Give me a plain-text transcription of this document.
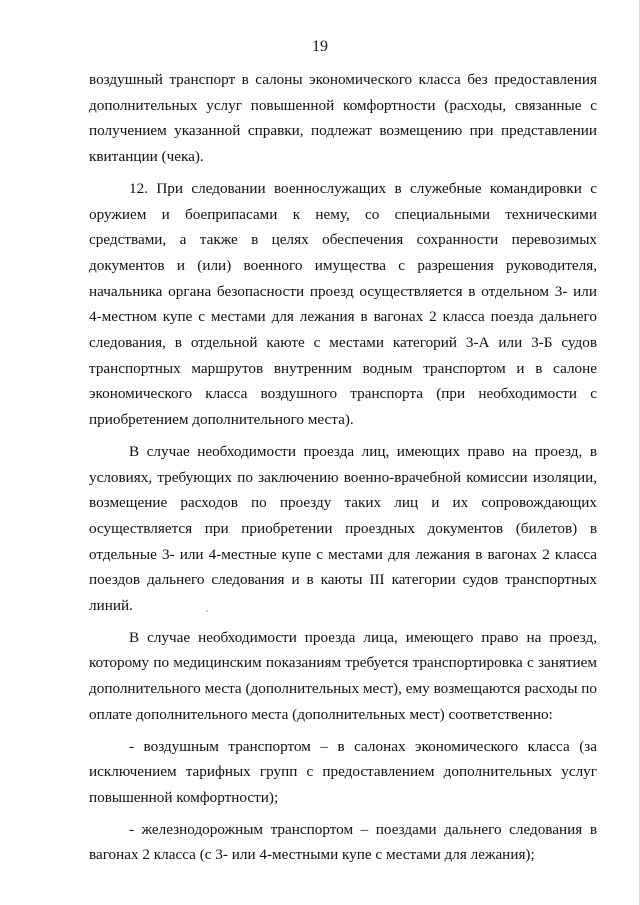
19

воздушный транспорт в салоны экономического класса без предоставления дополнительных услуг повышенной комфортности (расходы, связанные с получением указанной справки, подлежат возмещению при представлении квитанции (чека).

12. При следовании военнослужащих в служебные командировки с оружием и боеприпасами к нему, со специальными техническими средствами, а также в целях обеспечения сохранности перевозимых документов и (или) военного имущества с разрешения руководителя, начальника органа безопасности проезд осуществляется в отдельном 3- или 4-местном купе с местами для лежания в вагонах 2 класса поезда дальнего следования, в отдельной каюте с местами категорий 3-А или 3-Б судов транспортных маршрутов внутренним водным транспортом и в салоне экономического класса воздушного транспорта (при необходимости с приобретением дополнительного места).

В случае необходимости проезда лиц, имеющих право на проезд, в условиях, требующих по заключению военно-врачебной комиссии изоляции, возмещение расходов по проезду таких лиц и их сопровождающих осуществляется при приобретении проездных документов (билетов) в отдельные 3- или 4-местные купе с местами для лежания в вагонах 2 класса поездов дальнего следования и в каюты III категории судов транспортных линий.

В случае необходимости проезда лица, имеющего право на проезд, которому по медицинским показаниям требуется транспортировка с занятием дополнительного места (дополнительных мест), ему возмещаются расходы по оплате дополнительного места (дополнительных мест) соответственно:

- воздушным транспортом – в салонах экономического класса (за исключением тарифных групп с предоставлением дополнительных услуг повышенной комфортности);

- железнодорожным транспортом – поездами дальнего следования в вагонах 2 класса (с 3- или 4-местными купе с местами для лежания);
